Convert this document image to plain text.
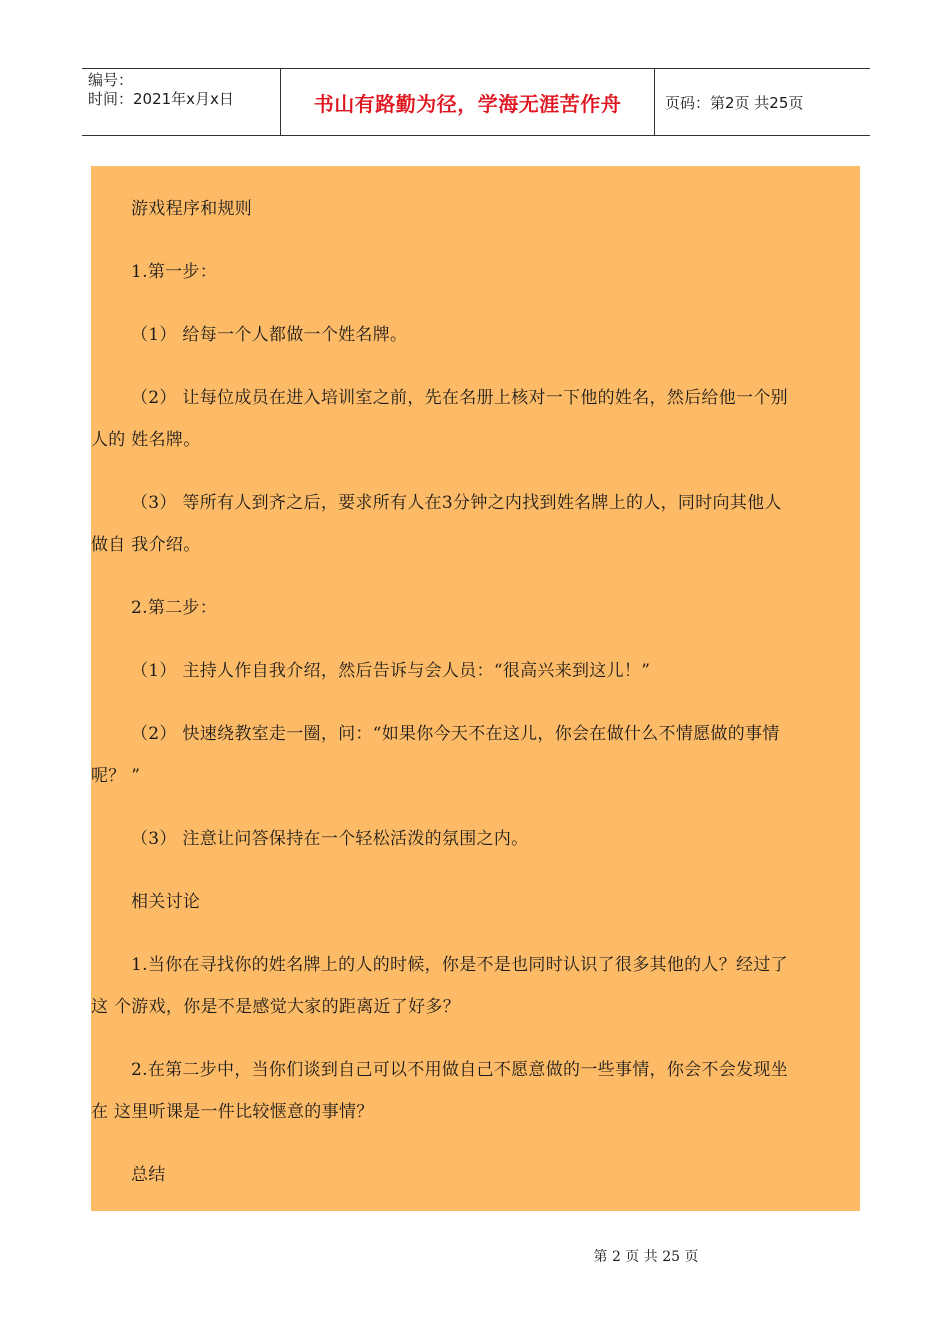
编号：
时间：2021年x月x日	书山有路勤为径，学海无涯苦作舟	页码：第2页 共25页
游戏程序和规则
1.第一步：
（1） 给每一个人都做一个姓名牌。
（2） 让每位成员在进入培训室之前，先在名册上核对一下他的姓名，然后给他一个别
人的 姓名牌。
（3） 等所有人到齐之后，要求所有人在3分钟之内找到姓名牌上的人，同时向其他人
做自 我介绍。
2.第二步：
（1） 主持人作自我介绍，然后告诉与会人员：“很高兴来到这儿！”
（2） 快速绕教室走一圈，问：“如果你今天不在这儿，你会在做什么不情愿做的事情
呢？ ”
（3） 注意让问答保持在一个轻松活泼的氛围之内。
相关讨论
1.当你在寻找你的姓名牌上的人的时候，你是不是也同时认识了很多其他的人？经过了
这 个游戏，你是不是感觉大家的距离近了好多？
2.在第二步中，当你们谈到自己可以不用做自己不愿意做的一些事情，你会不会发现坐
在 这里听课是一件比较惬意的事情？
总结
第 2 页 共 25 页
